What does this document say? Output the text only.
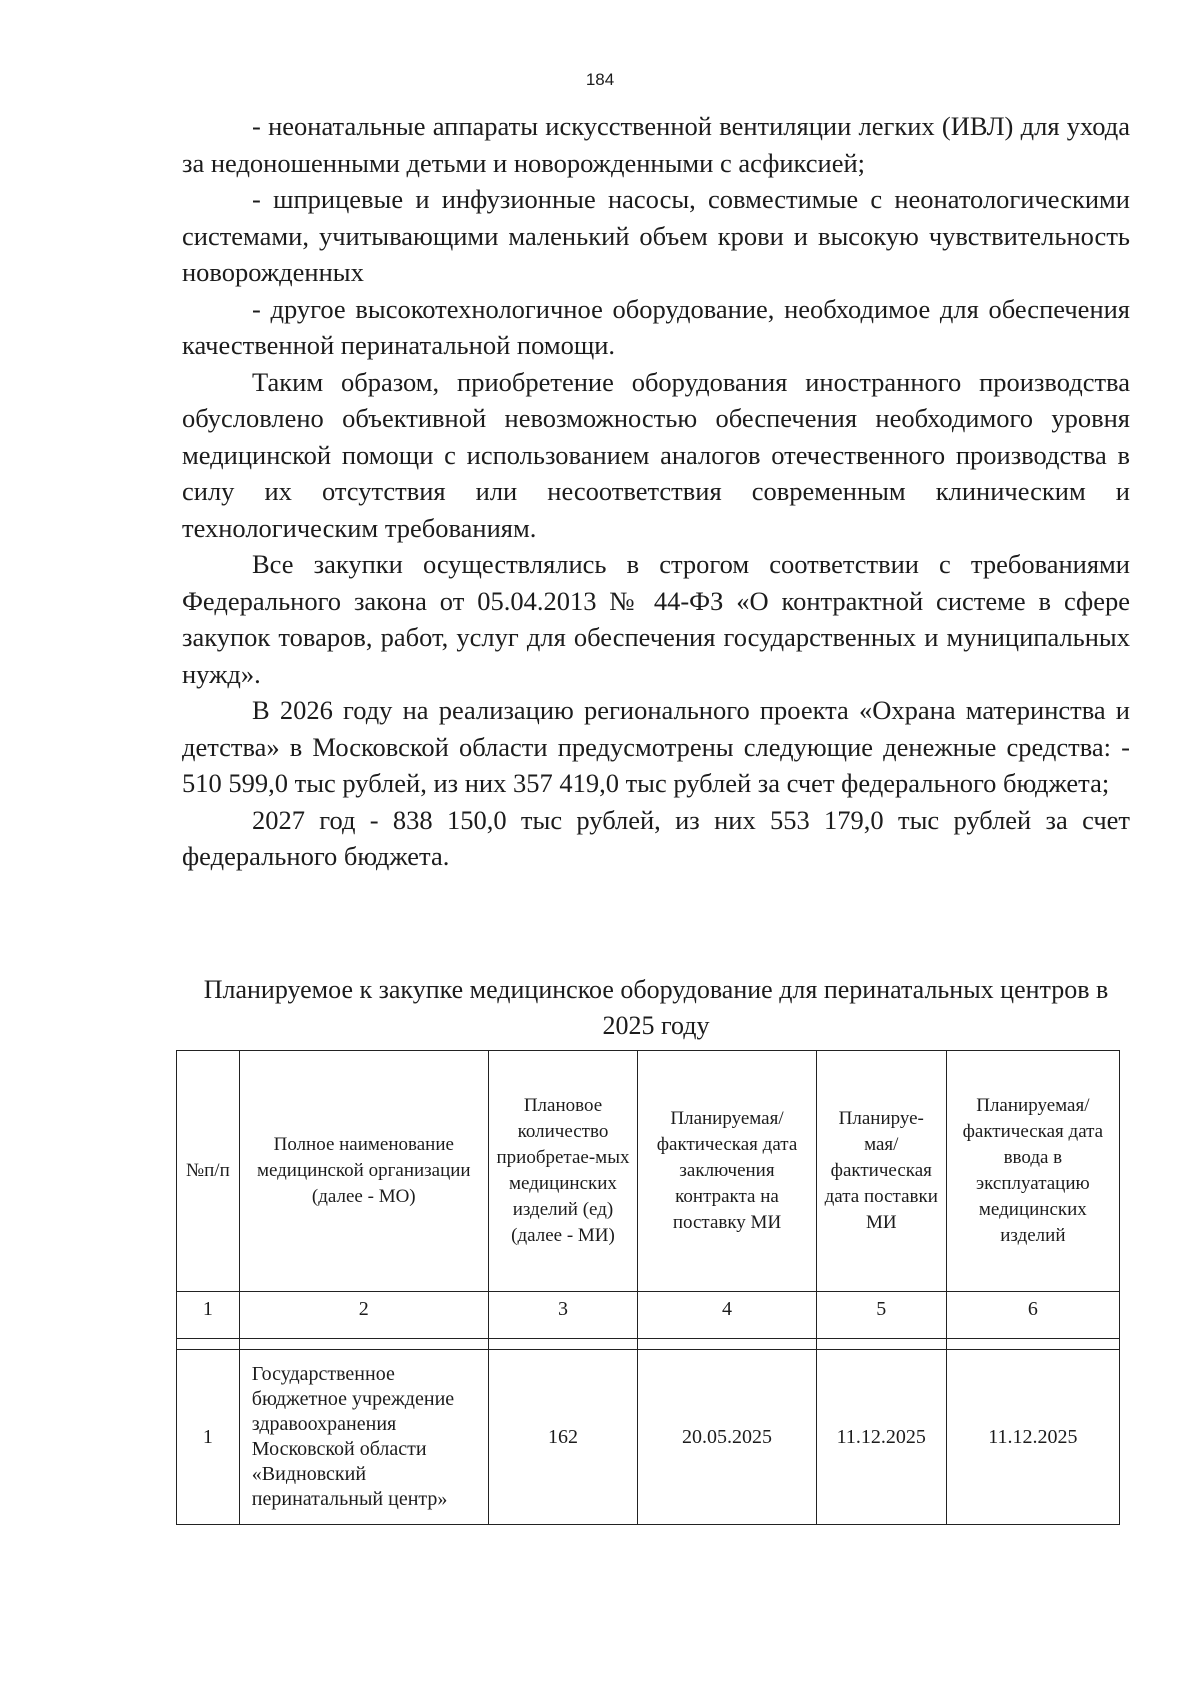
184

- неонатальные аппараты искусственной вентиляции легких (ИВЛ) для ухода за недоношенными детьми и новорожденными с асфиксией;

- шприцевые и инфузионные насосы, совместимые с неонатологическими системами, учитывающими маленький объем крови и высокую чувствительность новорожденных

- другое высокотехнологичное оборудование, необходимое для обеспечения качественной перинатальной помощи.

Таким образом, приобретение оборудования иностранного производства обусловлено объективной невозможностью обеспечения необходимого уровня медицинской помощи с использованием аналогов отечественного производства в силу их отсутствия или несоответствия современным клиническим и технологическим требованиям.

Все закупки осуществлялись в строгом соответствии с требованиями Федерального закона от 05.04.2013 № 44-ФЗ «О контрактной системе в сфере закупок товаров, работ, услуг для обеспечения государственных и муниципальных нужд».

В 2026 году на реализацию регионального проекта «Охрана материнства и детства» в Московской области предусмотрены следующие денежные средства: - 510 599,0 тыс рублей, из них 357 419,0 тыс рублей за счет федерального бюджета;

2027 год - 838 150,0 тыс рублей, из них 553 179,0 тыс рублей за счет федерального бюджета.

Планируемое к закупке медицинское оборудование для перинатальных центров в 2025 году
№п/п	Полное наименование медицинской организации (далее - МО)	Плановое количество приобретае-мых медицинских изделий (ед) (далее - МИ)	Планируемая/ фактическая дата заключения контракта на поставку МИ	Планируе-мая/ фактическая дата поставки МИ	Планируемая/ фактическая дата ввода в эксплуатацию медицинских изделий
1	2	3	4	5	6

1	Государственное бюджетное учреждение здравоохранения Московской области «Видновский перинатальный центр»	162	20.05.2025	11.12.2025	11.12.2025
